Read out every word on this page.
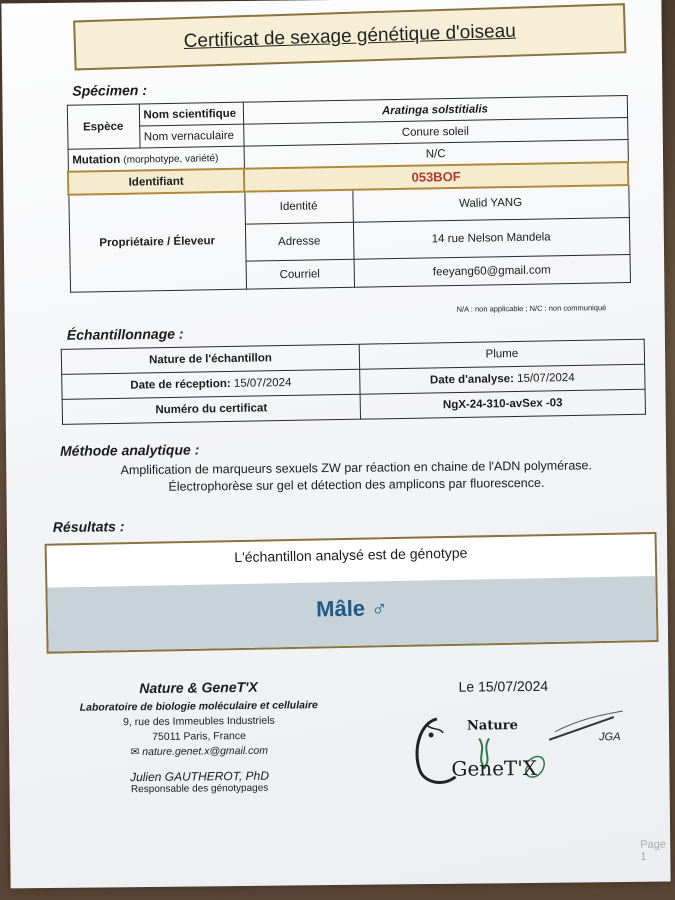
Certificat de sexage génétique d'oiseau
Spécimen :
Espèce	Nom scientifique	Aratinga solstitialis	
	Nom vernaculaire	Conure soleil	
Mutation (morphotype, variété)		N/C	
Identifiant		053BOF	
Propriétaire / Éleveur		Identité	Walid YANG
		Adresse	14 rue Nelson Mandela
		Courriel	feeyang60@gmail.com
N/A : non applicable ; N/C : non communiqué
Échantillonnage :
Nature de l'échantillon	Plume
Date de réception: 15/07/2024	Date d'analyse: 15/07/2024
Numéro du certificat	NgX-24-310-avSex -03
Méthode analytique :
Amplification de marqueurs sexuels ZW par réaction en chaine de l'ADN polymérase.
Électrophorèse sur gel et détection des amplicons par fluorescence.
Résultats :
L'échantillon analysé est de génotype
Mâle ♂
Nature & GeneT'X
Laboratoire de biologie moléculaire et cellulaire
9, rue des Immeubles Industriels
75011 Paris, France
✉ nature.genet.x@gmail.com
Julien GAUTHEROT, PhD
Responsable des génotypages
Le 15/07/2024
Nature
GeneT'X
JGA
Page 1
